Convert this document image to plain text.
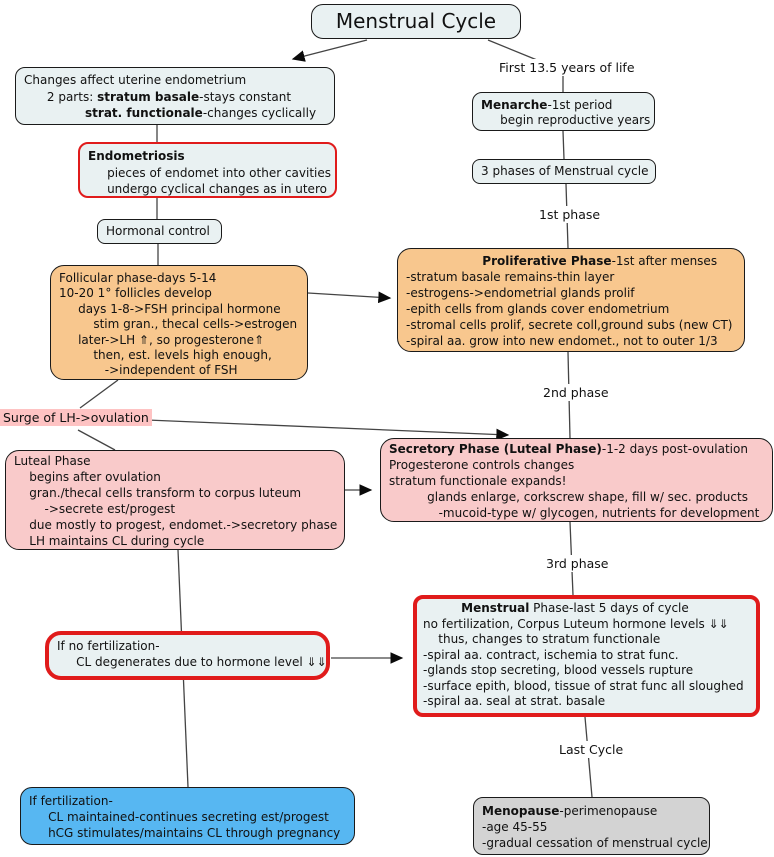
Menstrual Cycle
Changes affect uterine endometrium
2 parts: stratum basale-stays constant
strat. functionale-changes cyclically
Endometriosis
pieces of endomet into other cavities
undergo cyclical changes as in utero
Hormonal control
Follicular phase-days 5-14
10-20 1° follicles develop
days 1-8->FSH principal hormone
stim gran., thecal cells->estrogen
later->LH ⇑, so progesterone⇑
then, est. levels high enough,
->independent of FSH
First 13.5 years of life
Menarche-1st period
begin reproductive years
3 phases of Menstrual cycle
1st phase
Proliferative Phase-1st after menses
-stratum basale remains-thin layer
-estrogens->endometrial glands prolif
-epith cells from glands cover endometrium
-stromal cells prolif, secrete coll,ground subs (new CT)
-spiral aa. grow into new endomet., not to outer 1/3
2nd phase
Surge of LH->ovulation
Luteal Phase
begins after ovulation
gran./thecal cells transform to corpus luteum
->secrete est/progest
due mostly to progest, endomet.->secretory phase
LH maintains CL during cycle
Secretory Phase (Luteal Phase)-1-2 days post-ovulation
Progesterone controls changes
stratum functionale expands!
glands enlarge, corkscrew shape, fill w/ sec. products
-mucoid-type w/ glycogen, nutrients for development
3rd phase
Menstrual Phase-last 5 days of cycle
no fertilization, Corpus Luteum hormone levels ⇓⇓
thus, changes to stratum functionale
-spiral aa. contract, ischemia to strat func.
-glands stop secreting, blood vessels rupture
-surface epith, blood, tissue of strat func all sloughed
-spiral aa. seal at strat. basale
If no fertilization-
CL degenerates due to hormone level ⇓⇓
Last Cycle
If fertilization-
CL maintained-continues secreting est/progest
hCG stimulates/maintains CL through pregnancy
Menopause-perimenopause
-age 45-55
-gradual cessation of menstrual cycle
